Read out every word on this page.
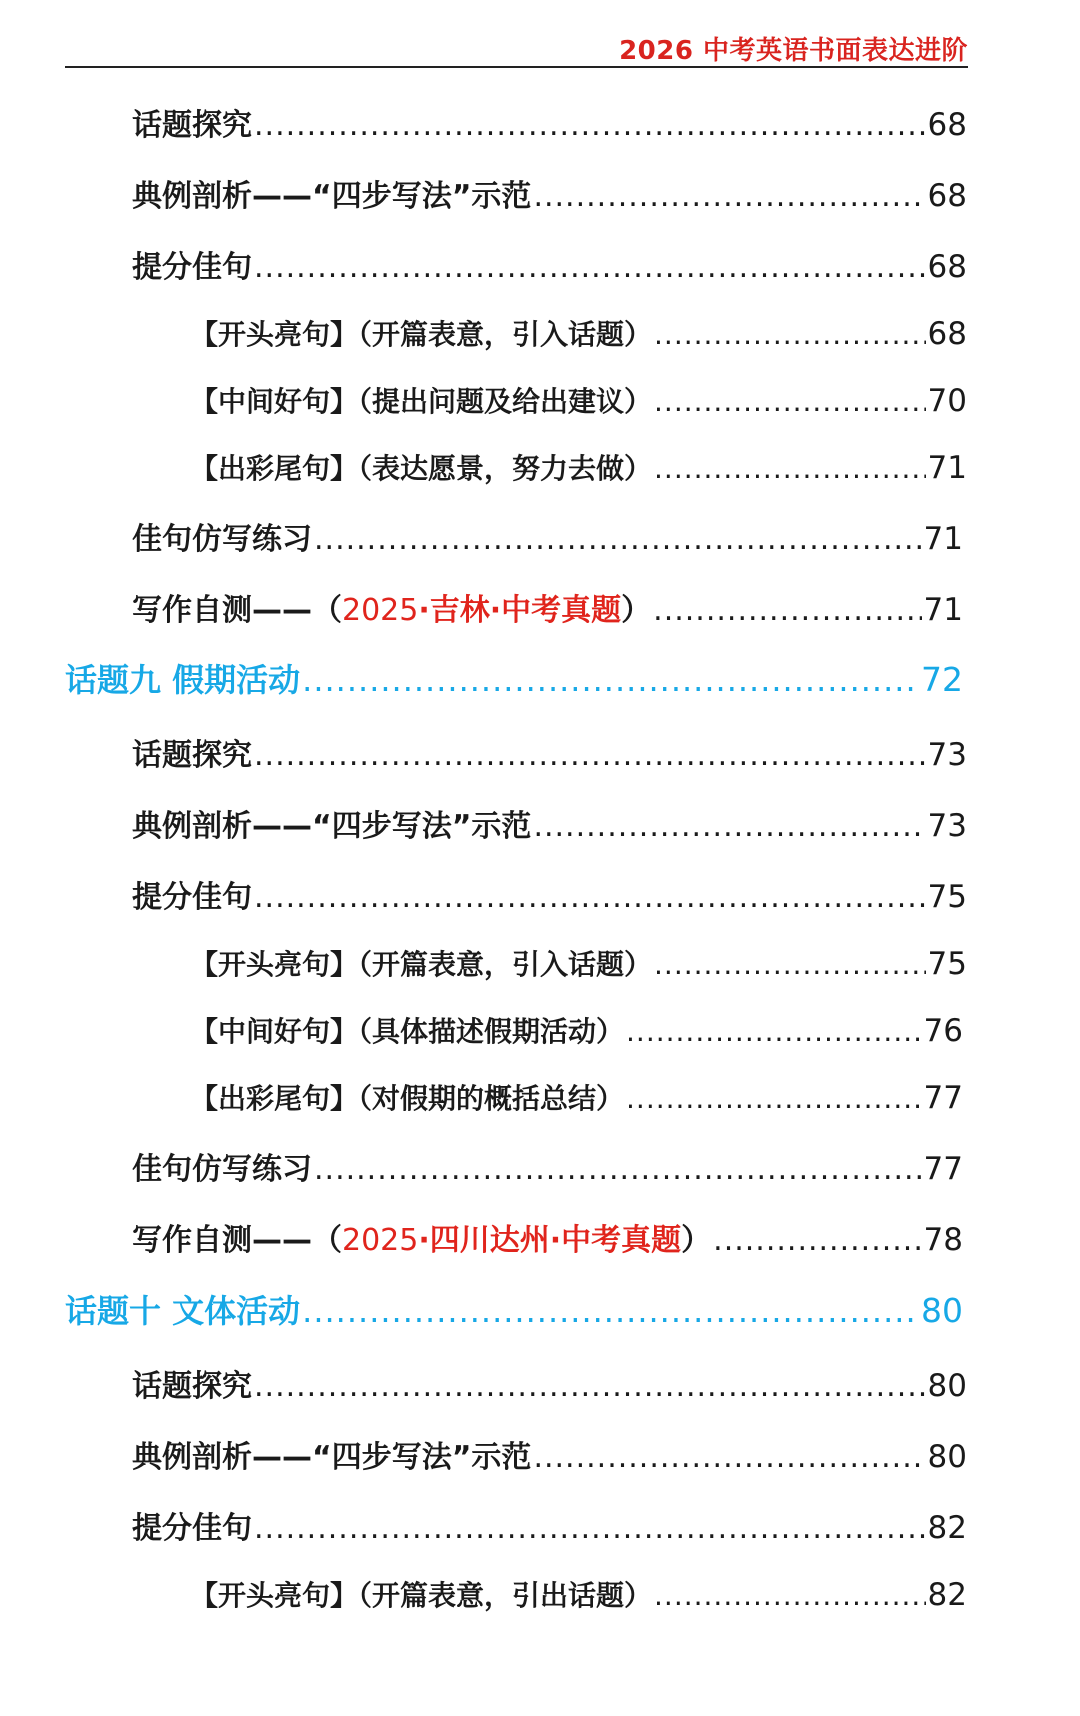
2026 中考英语书面表达进阶
话题探究 .....	68
典例剖析——“四步写法”示范 .....	68
提分佳句 .....	68
【开头亮句】（开篇表意，引入话题） .....	68
【中间好句】（提出问题及给出建议） .....	70
【出彩尾句】（表达愿景，努力去做） .....	71
佳句仿写练习 .....	71
写作自测——（2025·吉林·中考真题） .....	71
话题九 假期活动 .....	72
话题探究 .....	73
典例剖析——“四步写法”示范 .....	73
提分佳句 .....	75
【开头亮句】（开篇表意，引入话题） .....	75
【中间好句】（具体描述假期活动） .....	76
【出彩尾句】（对假期的概括总结） .....	77
佳句仿写练习 .....	77
写作自测——（2025·四川达州·中考真题） .....	78
话题十 文体活动 .....	80
话题探究 .....	80
典例剖析——“四步写法”示范 .....	80
提分佳句 .....	82
【开头亮句】（开篇表意，引出话题） .....	82
